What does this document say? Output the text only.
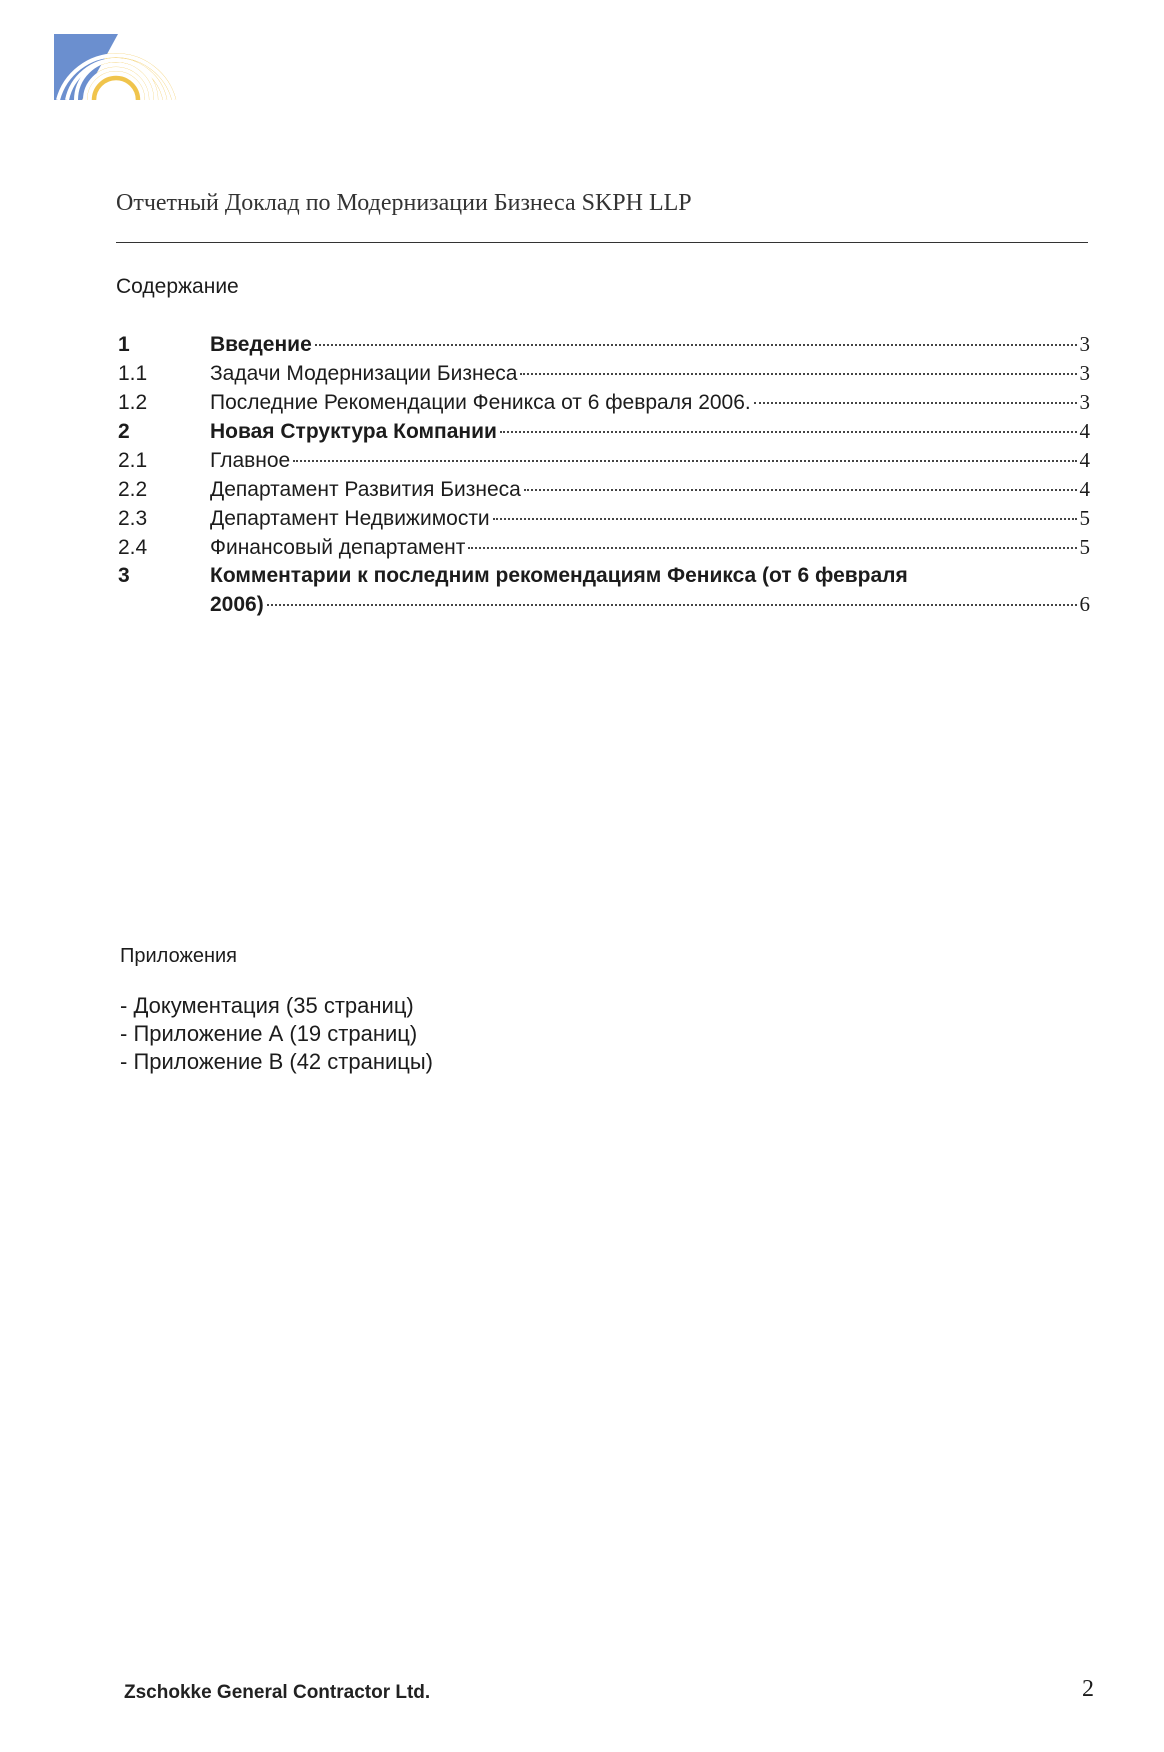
Отчетный Доклад по Модернизации Бизнеса SKPH LLP
Содержание
1	Введение	3
1.1	Задачи Модернизации Бизнеса	3
1.2	Последние Рекомендации Феникса от 6 февраля 2006.	3
2	Новая Структура Компании	4
2.1	Главное	4
2.2	Департамент Развития Бизнеса	4
2.3	Департамент Недвижимости	5
2.4	Финансовый департамент	5
3	Комментарии к последним рекомендациям Феникса (от 6 февраля
2006)	6
Приложения
- Документация (35 страниц)
- Приложение А (19 страниц)
- Приложение В (42 страницы)
Zschokke General Contractor Ltd.	2
